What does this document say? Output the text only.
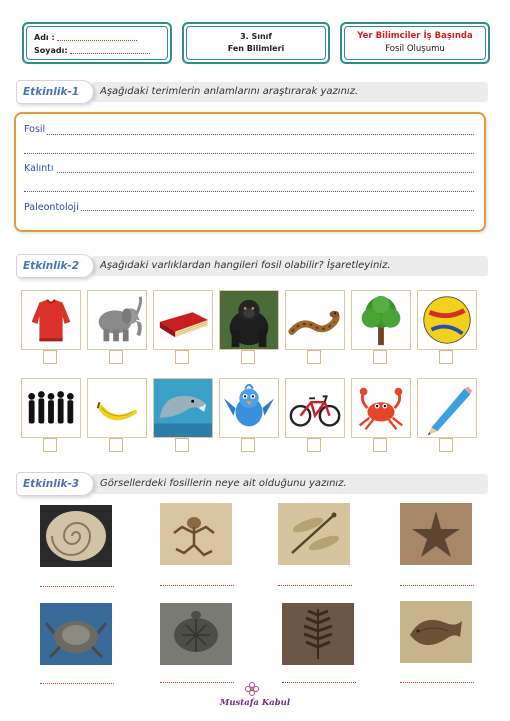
Adı :
Soyadı:
3. Sınıf
Fen Bilimleri
Yer Bilimciler İş Başında
Fosil Oluşumu
Aşağıdaki terimlerin anlamlarını araştırarak yazınız.
Etkinlik-1
Fosil
Kalıntı
Paleontoloji
Aşağıdaki varlıklardan hangileri fosil olabilir? İşaretleyiniz.
Etkinlik-2
Görsellerdeki fosillerin neye ait olduğunu yazınız.
Etkinlik-3
Mustafa Kabul
